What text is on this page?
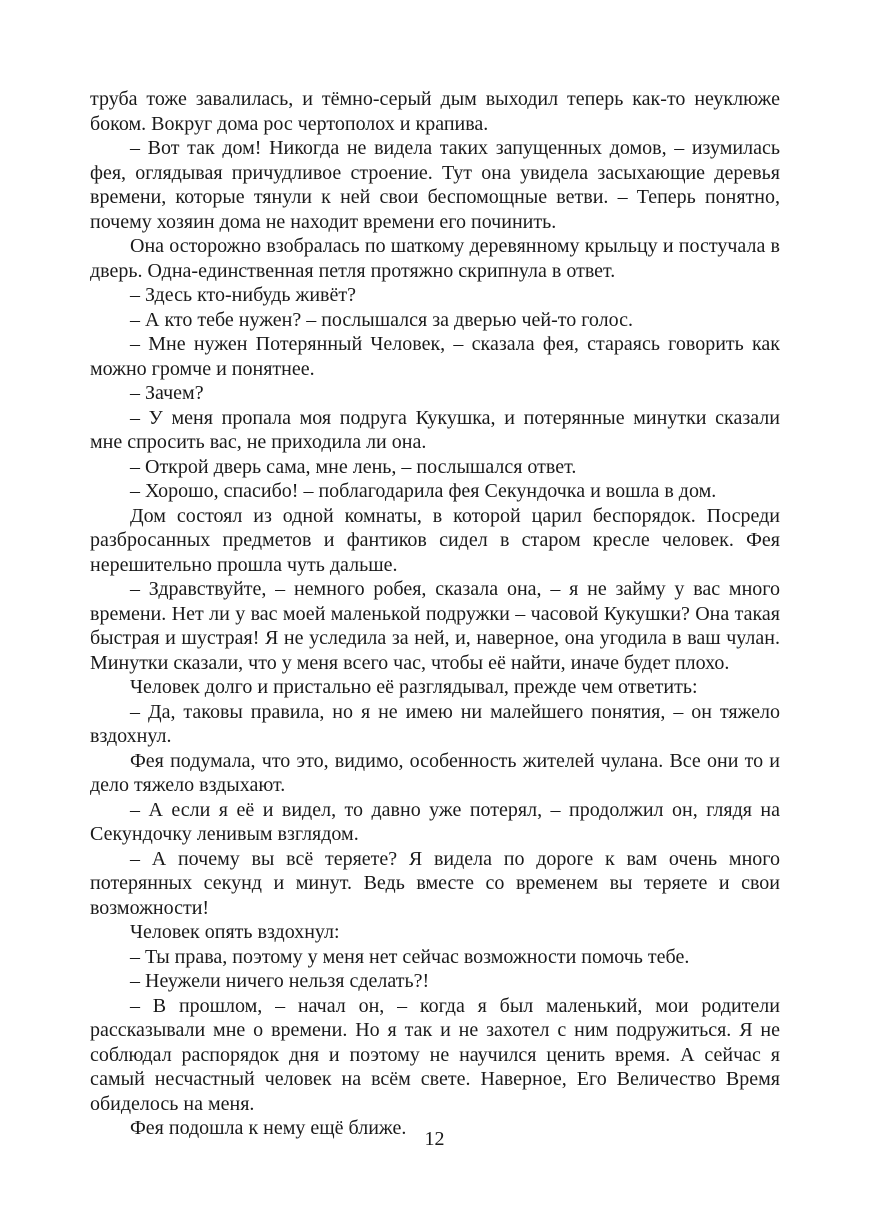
труба тоже завалилась, и тёмно-серый дым выходил теперь как-то неуклюже боком. Вокруг дома рос чертополох и крапива.

– Вот так дом! Никогда не видела таких запущенных домов, – изумилась фея, оглядывая причудливое строение. Тут она увидела засыхающие деревья времени, которые тянули к ней свои беспомощные ветви. – Теперь понятно, почему хозяин дома не находит времени его починить.

Она осторожно взобралась по шаткому деревянному крыльцу и постучала в дверь. Одна-единственная петля протяжно скрипнула в ответ.

– Здесь кто-нибудь живёт?

– А кто тебе нужен? – послышался за дверью чей-то голос.

– Мне нужен Потерянный Человек, – сказала фея, стараясь говорить как можно громче и понятнее.

– Зачем?

– У меня пропала моя подруга Кукушка, и потерянные минутки сказали мне спросить вас, не приходила ли она.

– Открой дверь сама, мне лень, – послышался ответ.

– Хорошо, спасибо! – поблагодарила фея Секундочка и вошла в дом.

Дом состоял из одной комнаты, в которой царил беспорядок. Посреди разбросанных предметов и фантиков сидел в старом кресле человек. Фея нерешительно прошла чуть дальше.

– Здравствуйте, – немного робея, сказала она, – я не займу у вас много времени. Нет ли у вас моей маленькой подружки – часовой Кукушки? Она такая быстрая и шустрая! Я не уследила за ней, и, наверное, она угодила в ваш чулан. Минутки сказали, что у меня всего час, чтобы её найти, иначе будет плохо.

Человек долго и пристально её разглядывал, прежде чем ответить:

– Да, таковы правила, но я не имею ни малейшего понятия, – он тяжело вздохнул.

Фея подумала, что это, видимо, особенность жителей чулана. Все они то и дело тяжело вздыхают.

– А если я её и видел, то давно уже потерял, – продолжил он, глядя на Секундочку ленивым взглядом.

– А почему вы всё теряете? Я видела по дороге к вам очень много потерянных секунд и минут. Ведь вместе со временем вы теряете и свои возможности!

Человек опять вздохнул:

– Ты права, поэтому у меня нет сейчас возможности помочь тебе.

– Неужели ничего нельзя сделать?!

– В прошлом, – начал он, – когда я был маленький, мои родители рассказывали мне о времени. Но я так и не захотел с ним подружиться. Я не соблюдал распорядок дня и поэтому не научился ценить время. А сейчас я самый несчастный человек на всём свете. Наверное, Его Величество Время обиделось на меня.

Фея подошла к нему ещё ближе. 12
